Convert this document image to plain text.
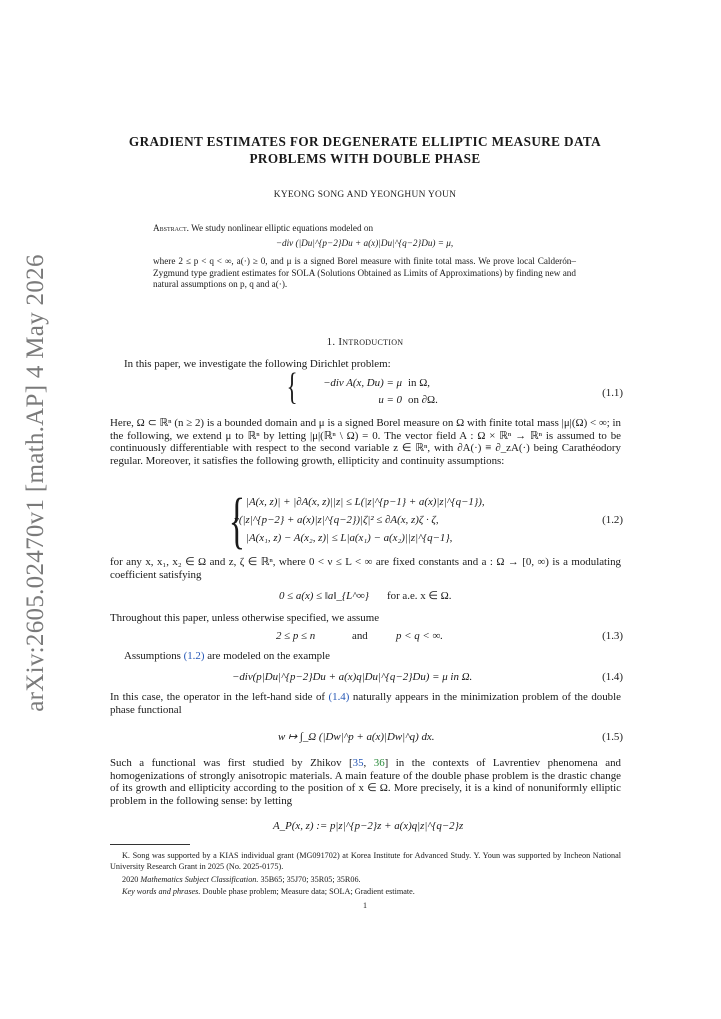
arXiv:2605.02470v1 [math.AP] 4 May 2026
GRADIENT ESTIMATES FOR DEGENERATE ELLIPTIC MEASURE DATA
PROBLEMS WITH DOUBLE PHASE
KYEONG SONG AND YEONGHUN YOUN
Abstract. We study nonlinear elliptic equations modeled on
−div (|Du|^{p−2}Du + a(x)|Du|^{q−2}Du) = μ,
where 2 ≤ p < q < ∞, a(·) ≥ 0, and μ is a signed Borel measure with finite total mass. We prove local Calderón–Zygmund type gradient estimates for SOLA (Solutions Obtained as Limits of Approximations) by finding new and natural assumptions on p, q and a(·).
1. Introduction
In this paper, we investigate the following Dirichlet problem:
{	−div A(x, Du) = μ in Ω,
u = 0 on ∂Ω.
(1.1)
Here, Ω ⊂ ℝⁿ (n ≥ 2) is a bounded domain and μ is a signed Borel measure on Ω with finite total mass |μ|(Ω) < ∞; in the following, we extend μ to ℝⁿ by letting |μ|(ℝⁿ \ Ω) = 0. The vector field A : Ω × ℝⁿ → ℝⁿ is assumed to be continuously differentiable with respect to the second variable z ∈ ℝⁿ, with ∂A(·) ≡ ∂_zA(·) being Carathéodory regular. Moreover, it satisfies the following growth, ellipticity and continuity assumptions:
{ |A(x, z)| + |∂A(x, z)||z| ≤ L(|z|^{p−1} + a(x)|z|^{q−1}),
ν(|z|^{p−2} + a(x)|z|^{q−2})|ζ|² ≤ ∂A(x, z)ζ · ζ,
|A(x₁, z) − A(x₂, z)| ≤ L|a(x₁) − a(x₂)||z|^{q−1},
(1.2)
for any x, x₁, x₂ ∈ Ω and z, ζ ∈ ℝⁿ, where 0 < ν ≤ L < ∞ are fixed constants and a : Ω → [0, ∞) is a modulating coefficient satisfying
0 ≤ a(x) ≤ ‖a‖_{L^∞} for a.e. x ∈ Ω.
Throughout this paper, unless otherwise specified, we assume
2 ≤ p ≤ n	and	p < q < ∞.	(1.3)
Assumptions (1.2) are modeled on the example
−div(p|Du|^{p−2}Du + a(x)q|Du|^{q−2}Du) = μ in Ω.	(1.4)
In this case, the operator in the left-hand side of (1.4) naturally appears in the minimization problem of the double phase functional
w ↦ ∫_Ω (|Dw|^p + a(x)|Dw|^q) dx.	(1.5)
Such a functional was first studied by Zhikov [35, 36] in the contexts of Lavrentiev phenomena and homogenizations of strongly anisotropic materials. A main feature of the double phase problem is the drastic change of its growth and ellipticity according to the position of x ∈ Ω. More precisely, it is a kind of nonuniformly elliptic problem in the following sense: by letting
A_P(x, z) := p|z|^{p−2}z + a(x)q|z|^{q−2}z
K. Song was supported by a KIAS individual grant (MG091702) at Korea Institute for Advanced Study. Y. Youn was supported by Incheon National University Research Grant in 2025 (No. 2025-0175).
2020 Mathematics Subject Classification. 35B65; 35J70; 35R05; 35R06.
Key words and phrases. Double phase problem; Measure data; SOLA; Gradient estimate.
1
